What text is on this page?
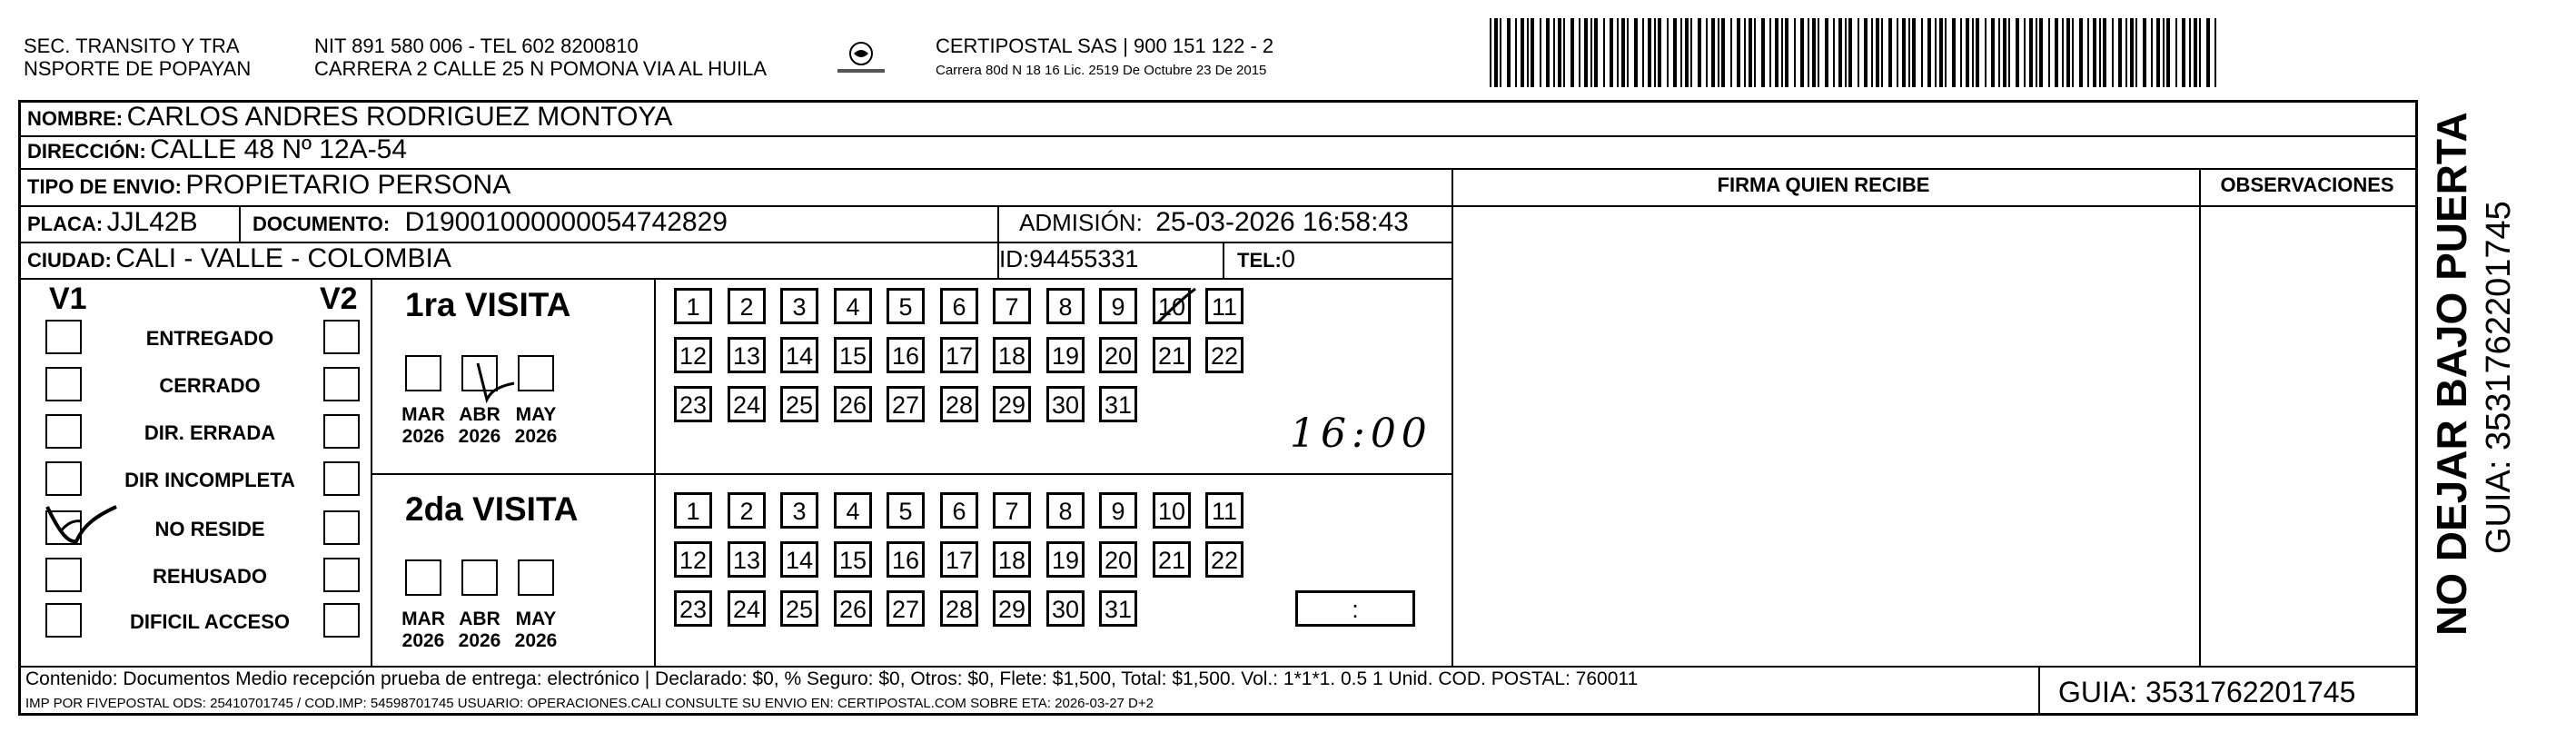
SEC. TRANSITO Y TRA
NSPORTE DE POPAYAN
NIT 891 580 006 - TEL 602 8200810
CARRERA 2 CALLE 25 N POMONA VIA AL HUILA
CERTIPOSTAL SAS | 900 151 122 - 2
Carrera 80d N 18 16 Lic. 2519 De Octubre 23 De 2015
NOMBRE: CARLOS ANDRES RODRIGUEZ MONTOYA
DIRECCIÓN: CALLE 48 Nº 12A-54
TIPO DE ENVIO: PROPIETARIO PERSONA
PLACA: JJL42B	DOCUMENTO: D19001000000054742829	ADMISIÓN: 25-03-2026 16:58:43
CIUDAD: CALI - VALLE - COLOMBIA	ID:94455331	TEL:0
FIRMA QUIEN RECIBE	OBSERVACIONES
V1	V2
ENTREGADO
CERRADO
DIR. ERRADA
DIR INCOMPLETA
NO RESIDE
REHUSADO
DIFICIL ACCESO
1ra VISITA
MAR
2026
ABR
2026
MAY
2026
1	2	3	4	5	6	7	8	9	10 11
12 13 14 15 16 17 18 19 20 21 22
23 24 25 26 27 28 29 30 31
2da VISITA
MAR
2026
ABR
2026
MAY
2026
1	2	3	4	5	6	7	8	9	10 11
12 13 14 15 16 17 18 19 20 21 22
23 24 25 26 27 28 29 30 31	:
16:00
Contenido: Documentos Medio recepción prueba de entrega: electrónico | Declarado: $0, % Seguro: $0, Otros: $0, Flete: $1,500, Total: $1,500. Vol.: 1*1*1. 0.5 1 Unid. COD. POSTAL: 760011
IMP POR FIVEPOSTAL ODS: 25410701745 / COD.IMP: 54598701745 USUARIO: OPERACIONES.CALI CONSULTE SU ENVIO EN: CERTIPOSTAL.COM SOBRE ETA: 2026-03-27 D+2	GUIA: 3531762201745
NO DEJAR BAJO PUERTA GUIA: 3531762201745
